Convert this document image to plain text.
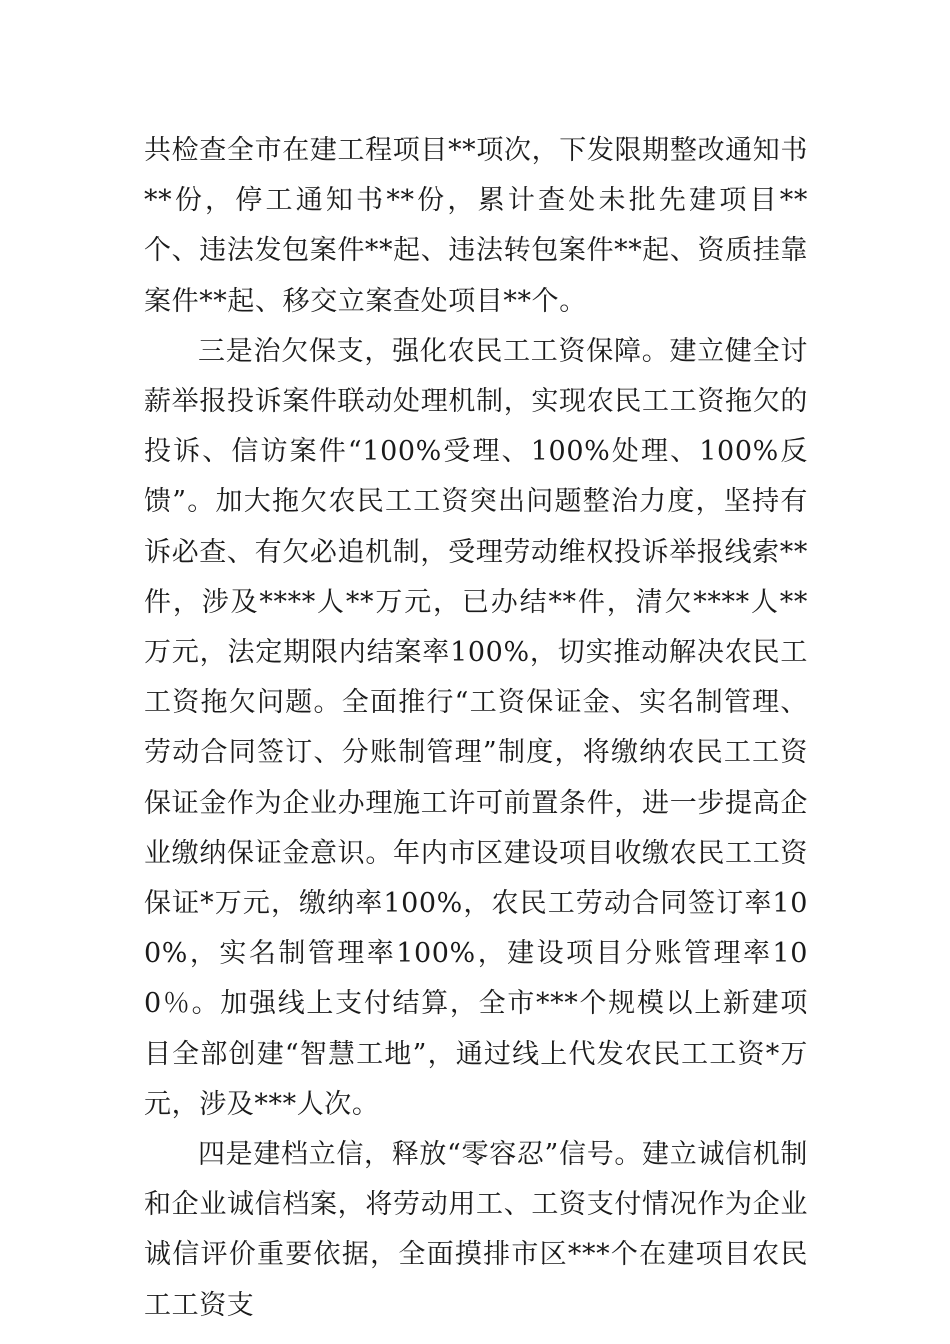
共检查全市在建工程项目**项次，下发限期整改通知书**份，停工通知书**份，累计查处未批先建项目**个、违法发包案件**起、违法转包案件**起、资质挂靠案件**起、移交立案查处项目**个。

三是治欠保支，强化农民工工资保障。建立健全讨薪举报投诉案件联动处理机制，实现农民工工资拖欠的投诉、信访案件“100%受理、100%处理、100%反馈”。加大拖欠农民工工资突出问题整治力度，坚持有诉必查、有欠必追机制，受理劳动维权投诉举报线索**件，涉及****人**万元，已办结**件，清欠****人**万元，法定期限内结案率100%，切实推动解决农民工工资拖欠问题。全面推行“工资保证金、实名制管理、劳动合同签订、分账制管理”制度，将缴纳农民工工资保证金作为企业办理施工许可前置条件，进一步提高企业缴纳保证金意识。年内市区建设项目收缴农民工工资保证*万元，缴纳率100%，农民工劳动合同签订率100%，实名制管理率100%，建设项目分账管理率100％。加强线上支付结算，全市***个规模以上新建项目全部创建“智慧工地”，通过线上代发农民工工资*万元，涉及***人次。

四是建档立信，释放“零容忍”信号。建立诚信机制和企业诚信档案，将劳动用工、工资支付情况作为企业诚信评价重要依据，全面摸排市区***个在建项目农民工工资支
